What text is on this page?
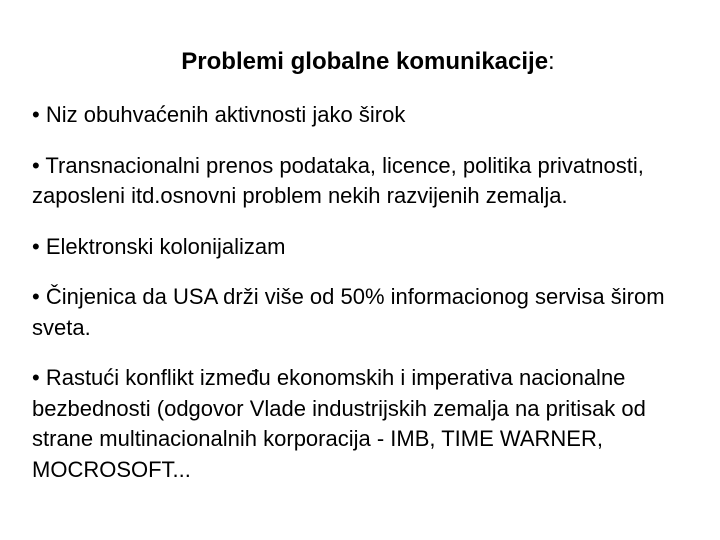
Problemi globalne komunikacije:
• Niz obuhvaćenih aktivnosti jako širok
• Transnacionalni prenos podataka, licence, politika privatnosti, zaposleni itd.osnovni problem nekih razvijenih zemalja.
• Elektronski kolonijalizam
• Činjenica da USA drži više od 50% informacionog servisa širom sveta.
• Rastući konflikt između ekonomskih i imperativa nacionalne bezbednosti (odgovor Vlade industrijskih zemalja na pritisak od strane multinacionalnih korporacija - IMB, TIME WARNER, MOCROSOFT...
